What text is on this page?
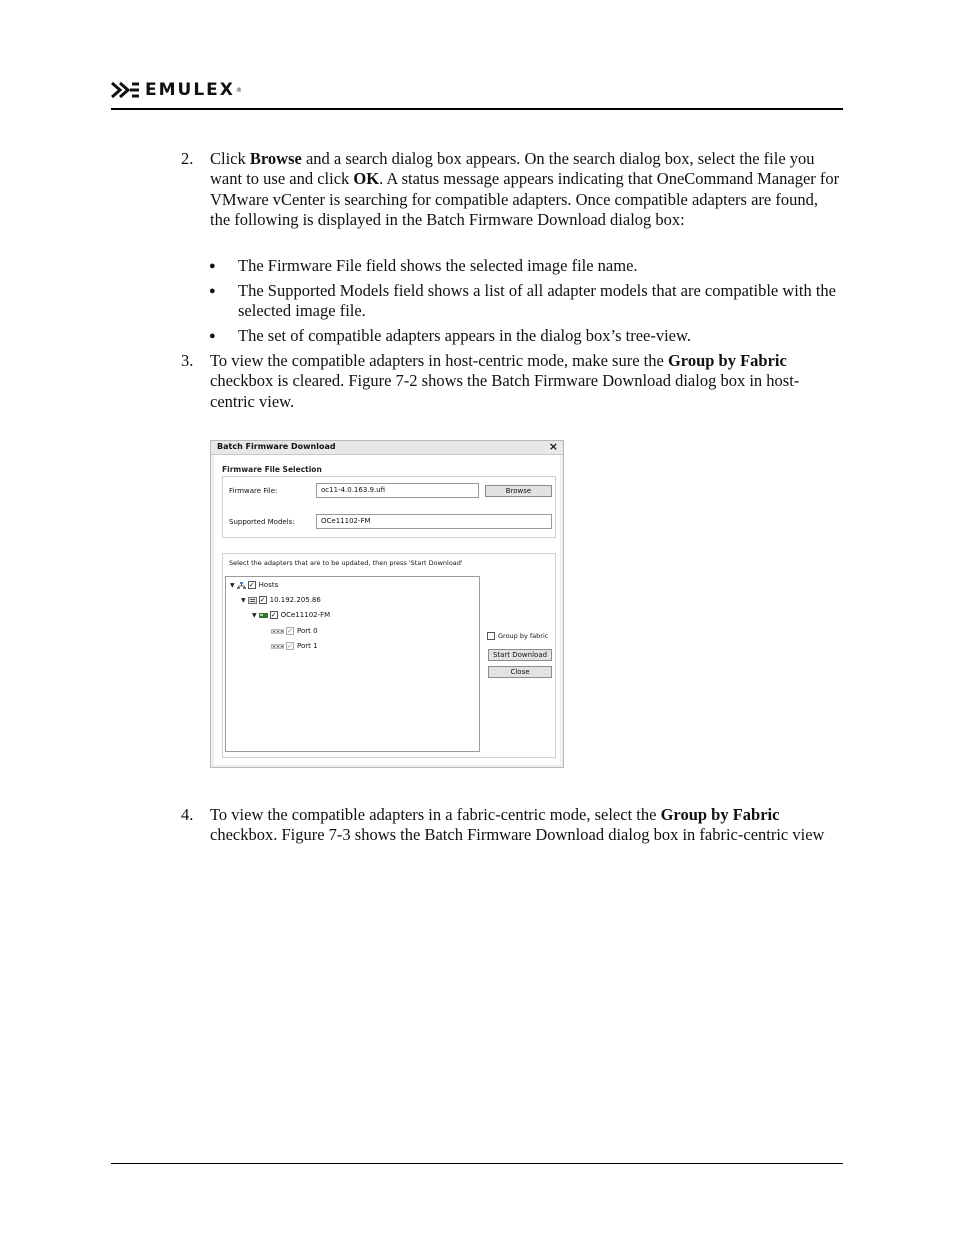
EMULEX ®
2. Click Browse and a search dialog box appears. On the search dialog box, select the file you want to use and click OK. A status message appears indicating that OneCommand Manager for VMware vCenter is searching for compatible adapters. Once compatible adapters are found, the following is displayed in the Batch Firmware Download dialog box:
● The Firmware File field shows the selected image file name.
● The Supported Models field shows a list of all adapter models that are compatible with the selected image file.
● The set of compatible adapters appears in the dialog box’s tree-view.
3. To view the compatible adapters in host-centric mode, make sure the Group by Fabric checkbox is cleared. Figure 7-2 shows the Batch Firmware Download dialog box in host-centric view.
Batch Firmware Download	×
Firmware File Selection
Firmware File:	oc11-4.0.163.9.ufi	Browse
Supported Models:	OCe11102-FM
Select the adapters that are to be updated, then press 'Start Download'
▼ ✓ Hosts
▼ ✓ 10.192.205.86
▼ ✓ OCe11102-FM
✓ Port 0
✓ Port 1
Group by fabric
Start Download
Close
4. To view the compatible adapters in a fabric-centric mode, select the Group by Fabric checkbox. Figure 7-3 shows the Batch Firmware Download dialog box in fabric-centric view
